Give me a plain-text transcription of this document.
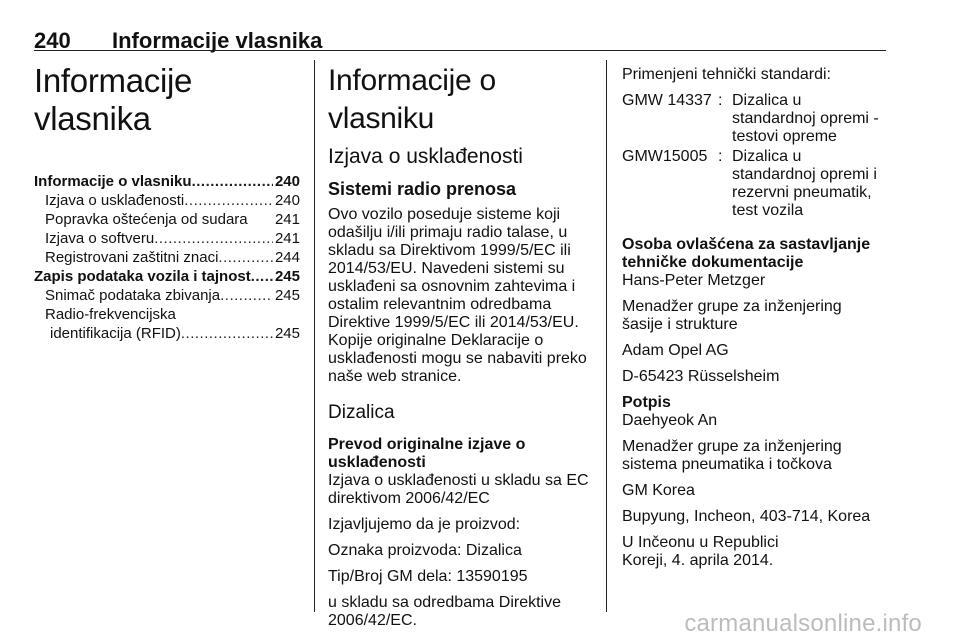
240 Informacije vlasnika
Informacije vlasnika
Informacije o vlasniku .....	240
Izjava o usklađenosti .....	240
Popravka oštećenja od sudara 241
Izjava o softveru .....	241
Registrovani zaštitni znaci .....	244
Zapis podataka vozila i tajnost ..... 245
Snimač podataka zbivanja .....	245
Radio-frekvencijska
identifikacija (RFID) .....	245
Informacije o vlasniku
Izjava o usklađenosti
Sistemi radio prenosa

Ovo vozilo poseduje sisteme koji odašilju i/ili primaju radio talase, u skladu sa Direktivom 1999/5/EC ili 2014/53/EU. Navedeni sistemi su usklađeni sa osnovnim zahtevima i ostalim relevantnim odredbama Direktive 1999/5/EC ili 2014/53/EU. Kopije originalne Deklaracije o usklađenosti mogu se nabaviti preko naše web stranice.

Dizalica
Prevod originalne izjave o usklađenosti

Izjava o usklađenosti u skladu sa EC direktivom 2006/42/EC

Izjavljujemo da je proizvod:

Oznaka proizvoda: Dizalica

Tip/Broj GM dela: 13590195

u skladu sa odredbama Direktive 2006/42/EC.

Primenjeni tehnički standardi:

GMW 14337 : Dizalica u standardnoj opremi - testovi opreme
GMW15005 : Dizalica u standardnoj opremi i rezervni pneumatik, test vozila
Osoba ovlašćena za sastavljanje tehničke dokumentacije

Hans-Peter Metzger

Menadžer grupe za inženjering šasije i strukture

Adam Opel AG

D-65423 Rüsselsheim

Potpis

Daehyeok An

Menadžer grupe za inženjering sistema pneumatika i točkova

GM Korea

Bupyung, Incheon, 403-714, Korea

U Inčeonu u Republici Koreji, 4. aprila 2014.

carmanualsonline.info
